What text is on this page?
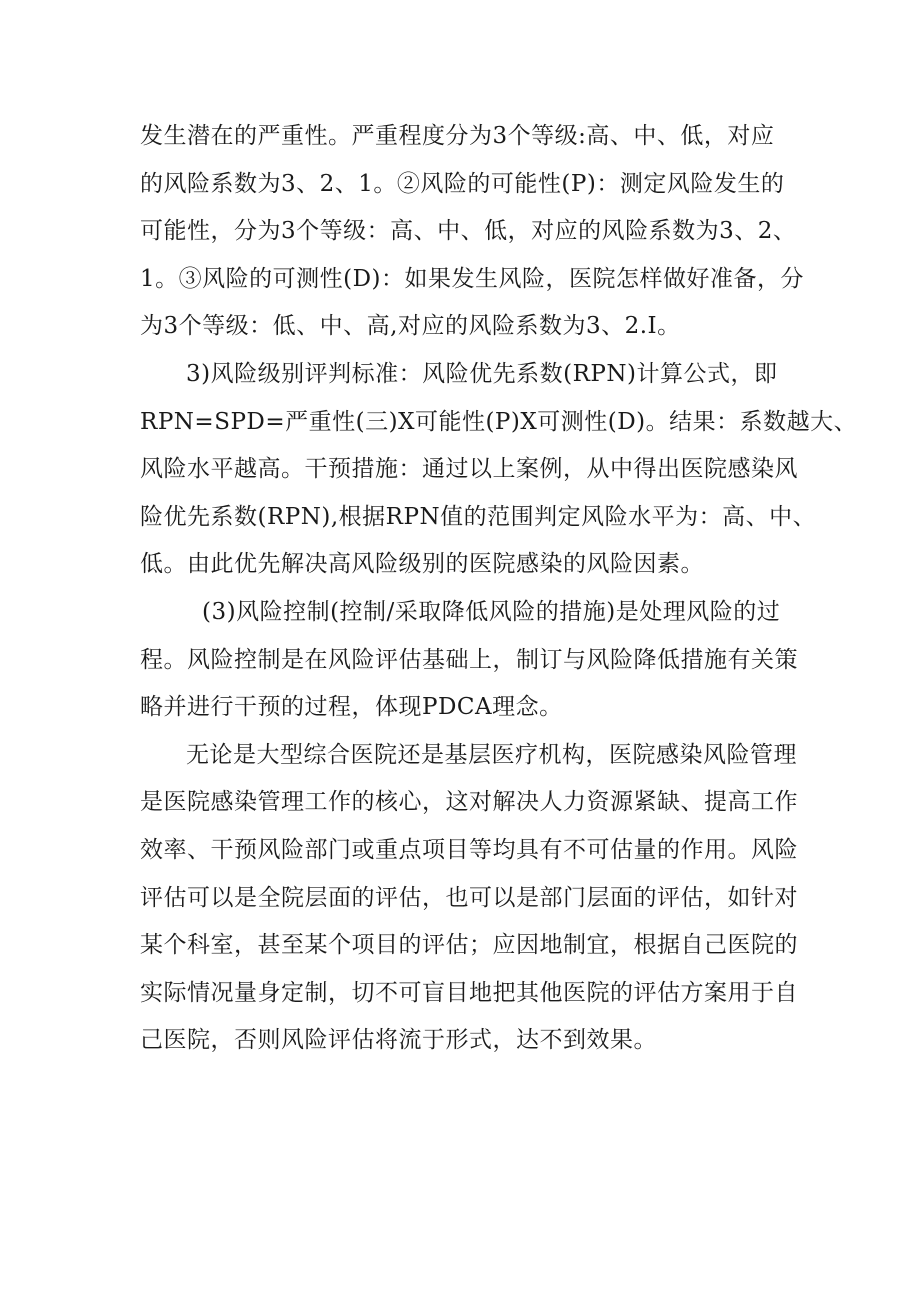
发生潜在的严重性。严重程度分为3个等级:高、中、低，对应
的风险系数为3、2、1。②风险的可能性(P)：测定风险发生的
可能性，分为3个等级：高、中、低，对应的风险系数为3、2、
1。③风险的可测性(D)：如果发生风险，医院怎样做好准备，分
为3个等级：低、中、高,对应的风险系数为3、2.I。
3)风险级别评判标准：风险优先系数(RPN)计算公式，即
RPN=SPD=严重性(三)X可能性(P)X可测性(D)。结果：系数越大、
风险水平越高。干预措施：通过以上案例，从中得出医院感染风
险优先系数(RPN),根据RPN值的范围判定风险水平为：高、中、
低。由此优先解决高风险级别的医院感染的风险因素。
(3)风险控制(控制/采取降低风险的措施)是处理风险的过
程。风险控制是在风险评估基础上，制订与风险降低措施有关策
略并进行干预的过程，体现PDCA理念。
无论是大型综合医院还是基层医疗机构，医院感染风险管理
是医院感染管理工作的核心，这对解决人力资源紧缺、提高工作
效率、干预风险部门或重点项目等均具有不可估量的作用。风险
评估可以是全院层面的评估，也可以是部门层面的评估，如针对
某个科室，甚至某个项目的评估；应因地制宜，根据自己医院的
实际情况量身定制，切不可盲目地把其他医院的评估方案用于自
己医院，否则风险评估将流于形式，达不到效果。
